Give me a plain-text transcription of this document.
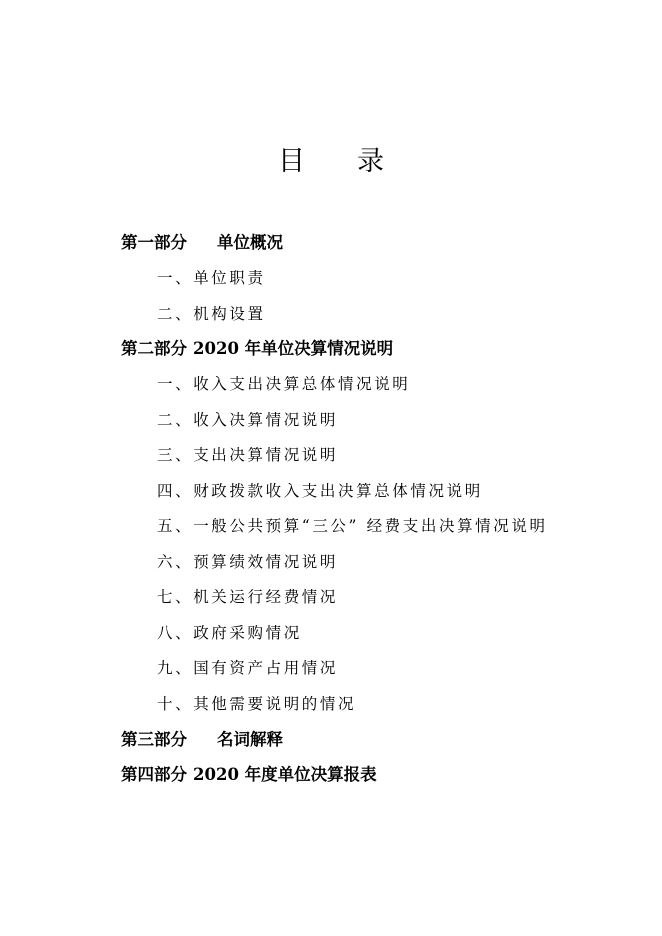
目 录
第一部分 单位概况
一、单位职责
二、机构设置
第二部分 2020 年单位决算情况说明
一、收入支出决算总体情况说明
二、收入决算情况说明
三、支出决算情况说明
四、财政拨款收入支出决算总体情况说明
五、一般公共预算“三公” 经费支出决算情况说明
六、预算绩效情况说明
七、机关运行经费情况
八、政府采购情况
九、国有资产占用情况
十、其他需要说明的情况
第三部分 名词解释
第四部分 2020 年度单位决算报表
